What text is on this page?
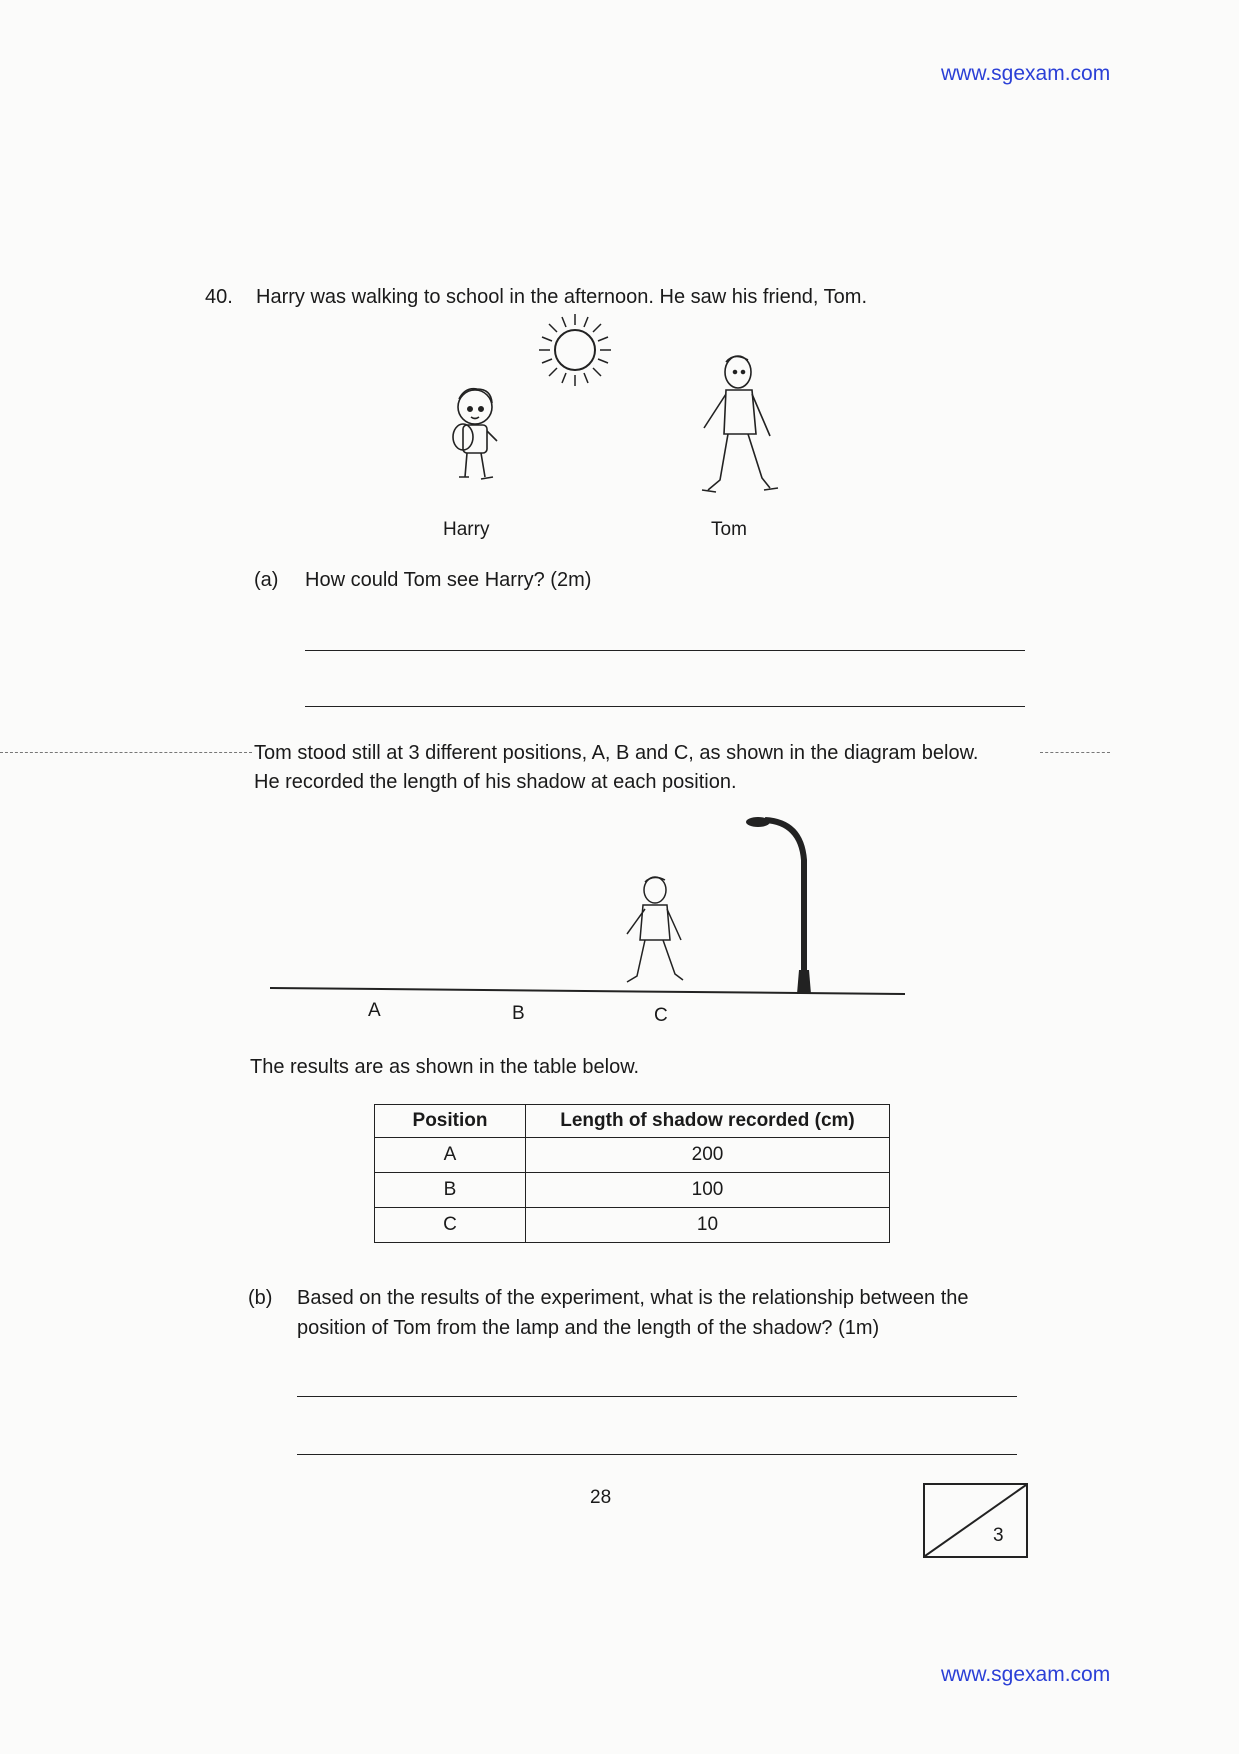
www.sgexam.com
40. Harry was walking to school in the afternoon. He saw his friend, Tom.
Harry	Tom
(a) How could Tom see Harry? (2m)
Tom stood still at 3 different positions, A, B and C, as shown in the diagram below.
He recorded the length of his shadow at each position.
A	B	C
The results are as shown in the table below.
Position	Length of shadow recorded (cm)
A	200
B	100
C	10
(b) Based on the results of the experiment, what is the relationship between the
position of Tom from the lamp and the length of the shadow? (1m)
28
3
www.sgexam.com
